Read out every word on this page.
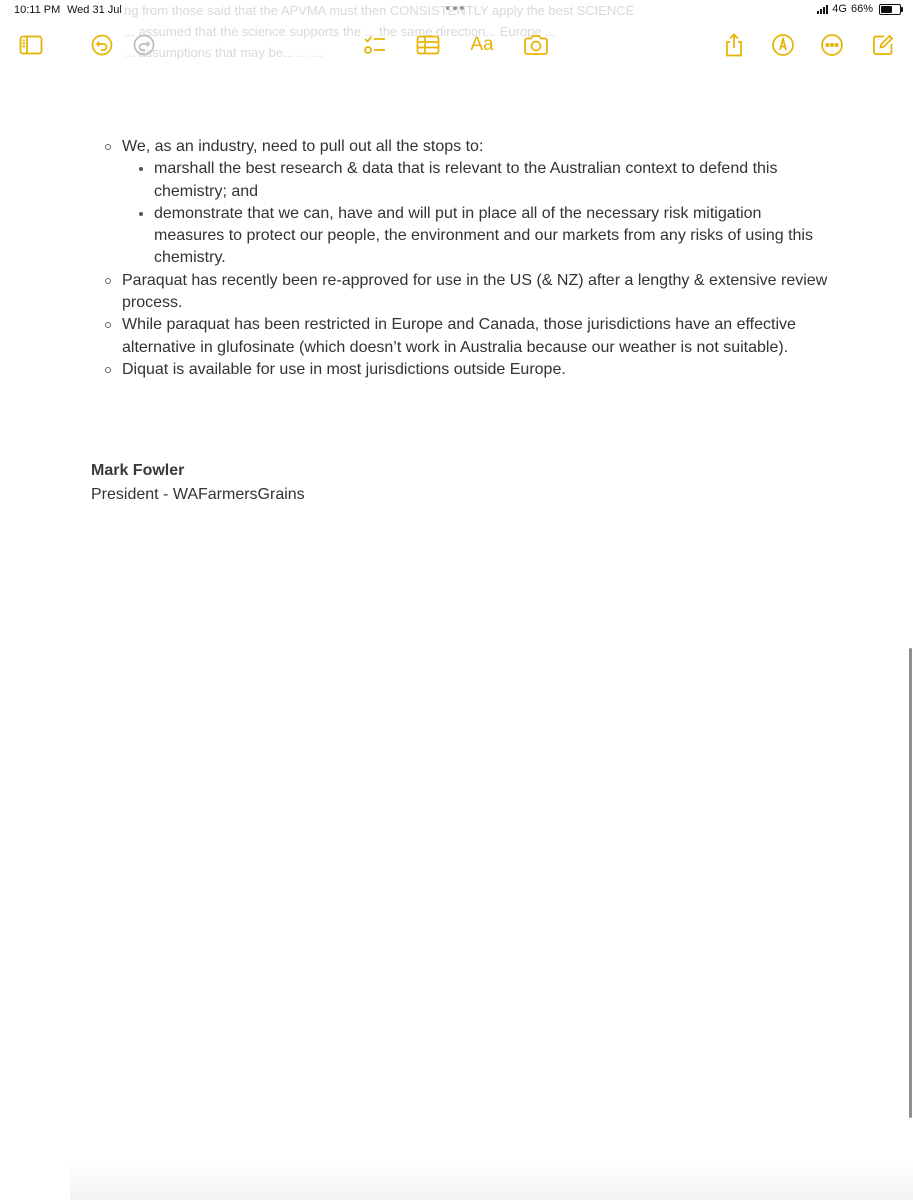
10:11 PM Wed 31 Jul	4G 66%
ng from those said that the APVMA must then CONSISTENTLY apply the best SCIENCE
... assumed that the science supports the ... the same direction... Europe ...
... assumptions that may be... ... ...	Aa
We, as an industry, need to pull out all the stops to:
marshall the best research & data that is relevant to the Australian context to defend this chemistry; and
demonstrate that we can, have and will put in place all of the necessary risk mitigation measures to protect our people, the environment and our markets from any risks of using this chemistry.
Paraquat has recently been re-approved for use in the US (& NZ) after a lengthy & extensive review process.
While paraquat has been restricted in Europe and Canada, those jurisdictions have an effective alternative in glufosinate (which doesn’t work in Australia because our weather is not suitable).
Diquat is available for use in most jurisdictions outside Europe.
Mark Fowler
President - WAFarmersGrains
